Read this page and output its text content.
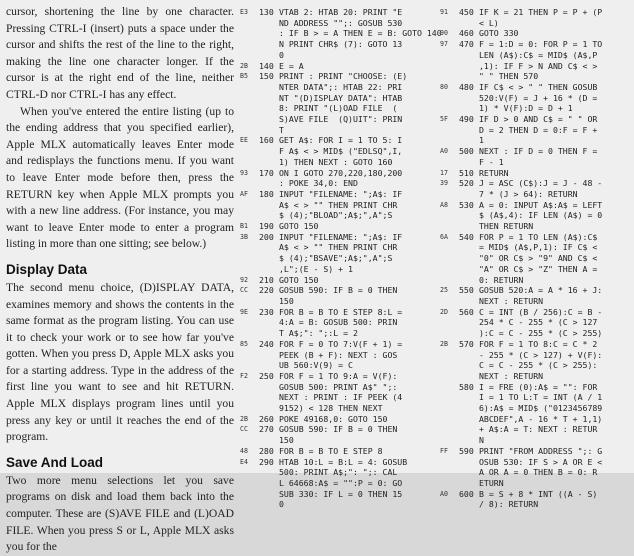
cursor, shortening the line by one character. Pressing CTRL-I (insert) puts a space under the cursor and shifts the rest of the line to the right, making the line one character longer. If the cursor is at the right end of the line, neither CTRL-D nor CTRL-I has any effect.

When you've entered the entire listing (up to the ending address that you specified earlier), Apple MLX automatically leaves Enter mode and redisplays the functions menu. If you want to leave Enter mode before then, press the RETURN key when Apple MLX prompts you with a new line address. (For instance, you may want to leave Enter mode to enter a program listing in more than one sitting; see below.)

Display Data

The second menu choice, (D)ISPLAY DATA, examines memory and shows the contents in the same format as the program listing. You can use it to check your work or to see how far you've gotten. When you press D, Apple MLX asks you for a starting address. Type in the address of the first line you want to see and hit RETURN. Apple MLX displays program lines until you press any key or until it reaches the end of the program.

Save And Load

Two more menu selections let you save programs on disk and load them back into the computer. These are (S)AVE FILE and (L)OAD FILE. When you press S or L, Apple MLX asks you for the

E3	130 VTAB 2: HTAB 20: PRINT "E
ND ADDRESS "";: GOSUB 530
: IF B > = A THEN E = B: GOTO 140
N PRINT CHR$ (7): GOTO 13
0
2B	140 E = A
B5	150 PRINT : PRINT "CHOOSE: (E)
NTER DATA";: HTAB 22: PRI
NT "(D)ISPLAY DATA": HTAB
8: PRINT "(L)OAD FILE  (
S)AVE FILE  (Q)UIT": PRIN
T
EE	160 GET A$: FOR I = 1 TO 5: I
F A$ < > MID$ ("EDLSQ",I,
1) THEN NEXT : GOTO 160
93	170 ON I GOTO 270,220,180,200
: POKE 34,0: END
AF	180 INPUT "FILENAME: ";A$: IF
A$ < > "" THEN PRINT CHR
$ (4);"BLOAD";A$;",A";S
B1	190 GOTO 150
3B	200 INPUT "FILENAME: ";A$: IF
A$ < > "" THEN PRINT CHR
$ (4);"BSAVE";A$;",A";S
,L";(E - S) + 1
92	210 GOTO 150
CC	220 GOSUB 590: IF B = 0 THEN
150
9E	230 FOR B = B TO E STEP 8:L =
4:A = B: GOSUB 500: PRIN
T A$;": ";:L = 2
85	240 FOR F = 0 TO 7:V(F + 1) =
PEEK (B + F): NEXT : GOS
UB 560:V(9) = C
F2	250 FOR F = 1 TO 9:A = V(F):
GOSUB 500: PRINT A$" ";:
NEXT : PRINT : IF PEEK (4
9152) < 128 THEN NEXT
2B	260 POKE 49168,0: GOTO 150
CC	270 GOSUB 590: IF B = 0 THEN
150
48	280 FOR B = B TO E STEP 8
E4	290 HTAB 10:L = B:L = 4: GOSUB
500: PRINT A$;": ";: CAL
L 64668:A$ = "":P = 0: GO
SUB 330: IF L = 0 THEN 15
0
91	450 IF K = 21 THEN P = P + (P
< L)
90	460 GOTO 330
97	470 F = 1:D = 0: FOR P = 1 TO
LEN (A$):C$ = MID$ (A$,P
,1): IF F > N AND C$ < >
" " THEN 570
80	480 IF C$ < > " " THEN GOSUB
520:V(F) = J + 16 * (D =
1) * V(F):D = D + 1
5F	490 IF D > 0 AND C$ = " " OR
D = 2 THEN D = 0:F = F +
1
A0	500 NEXT : IF D = 0 THEN F =
F - 1
17	510 RETURN
39	520 J = ASC (C$):J = J - 48 -
7 * (J > 64): RETURN
A8	530 A = 0: INPUT A$:A$ = LEFT
$ (A$,4): IF LEN (A$) = 0
THEN RETURN
6A	540 FOR P = 1 TO LEN (A$):C$
= MID$ (A$,P,1): IF C$ <
"0" OR C$ > "9" AND C$ <
"A" OR C$ > "Z" THEN A =
0: RETURN
25	550 GOSUB 520:A = A * 16 + J:
NEXT : RETURN
2D	560 C = INT (B / 256):C = B -
254 * C - 255 * (C > 127
):C = C - 255 * (C > 255)
2B	570 FOR F = 1 TO 8:C = C * 2
- 255 * (C > 127) + V(F):
C = C - 255 * (C > 255):
NEXT : RETURN
580 I = FRE (0):A$ = "": FOR
I = 1 TO L:T = INT (A / 1
6):A$ = MID$ ("0123456789
ABCDEF",A - 16 * T + 1,1)
+ A$:A = T: NEXT : RETUR
N
FF	590 PRINT "FROM ADDRESS ";: G
OSUB 530: IF S > A OR E <
A OR A = 0 THEN B = 0: R
ETURN
A0	600 B = S + 8 * INT ((A - S)
/ 8): RETURN
